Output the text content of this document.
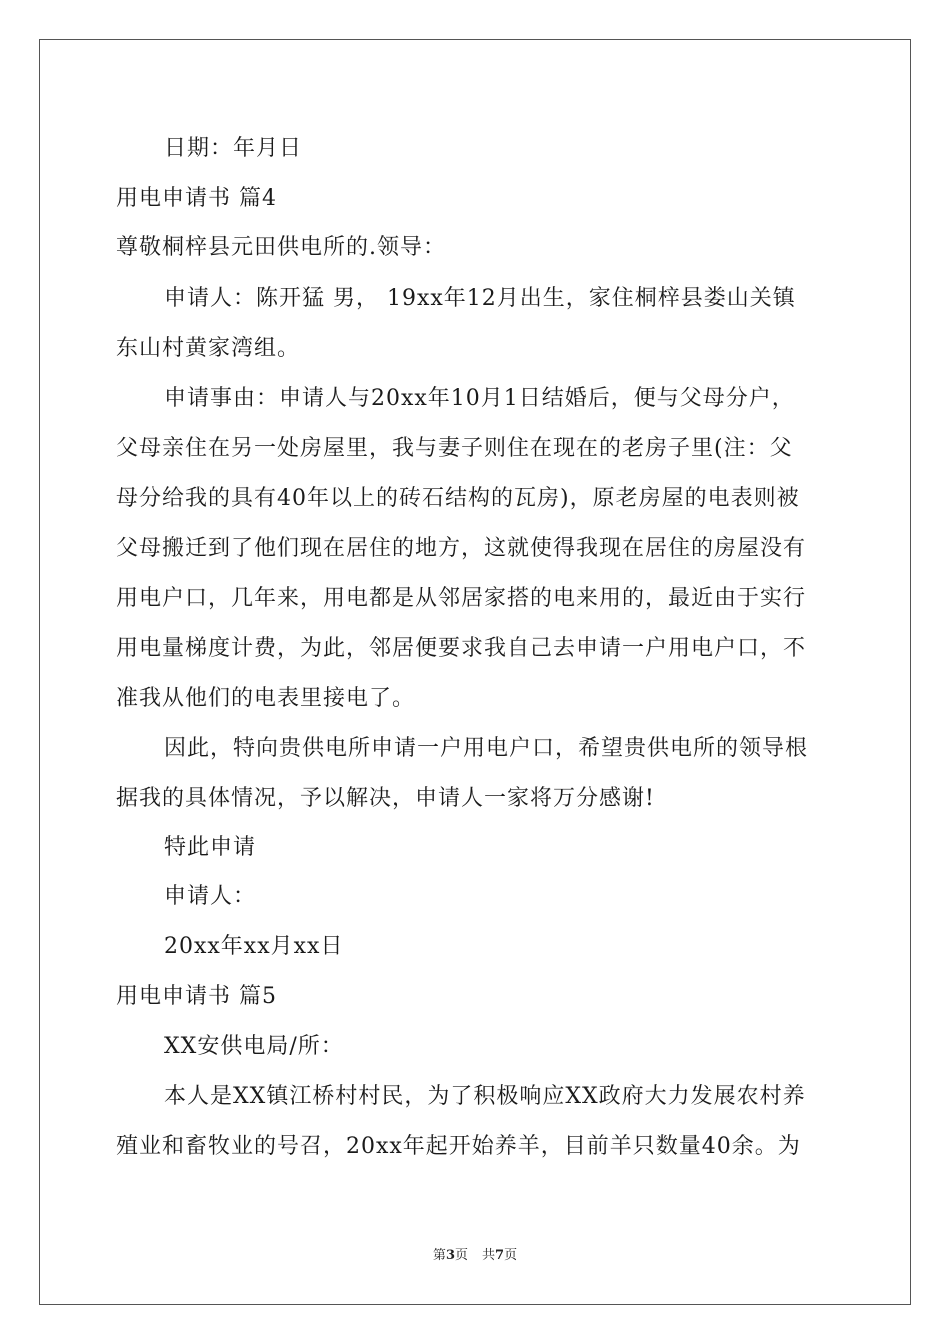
日期：年月日
用电申请书 篇4
尊敬桐梓县元田供电所的.领导：
申请人：陈开猛 男， 19xx年12月出生，家住桐梓县娄山关镇
东山村黄家湾组。
申请事由：申请人与20xx年10月1日结婚后，便与父母分户，
父母亲住在另一处房屋里，我与妻子则住在现在的老房子里(注：父
母分给我的具有40年以上的砖石结构的瓦房)，原老房屋的电表则被
父母搬迁到了他们现在居住的地方，这就使得我现在居住的房屋没有
用电户口，几年来，用电都是从邻居家搭的电来用的，最近由于实行
用电量梯度计费，为此，邻居便要求我自己去申请一户用电户口，不
准我从他们的电表里接电了。
因此，特向贵供电所申请一户用电户口，希望贵供电所的领导根
据我的具体情况，予以解决，申请人一家将万分感谢!
特此申请
申请人：
20xx年xx月xx日
用电申请书 篇5
XX安供电局/所：
本人是XX镇江桥村村民，为了积极响应XX政府大力发展农村养
殖业和畜牧业的号召，20xx年起开始养羊，目前羊只数量40余。为
第3页 共7页
